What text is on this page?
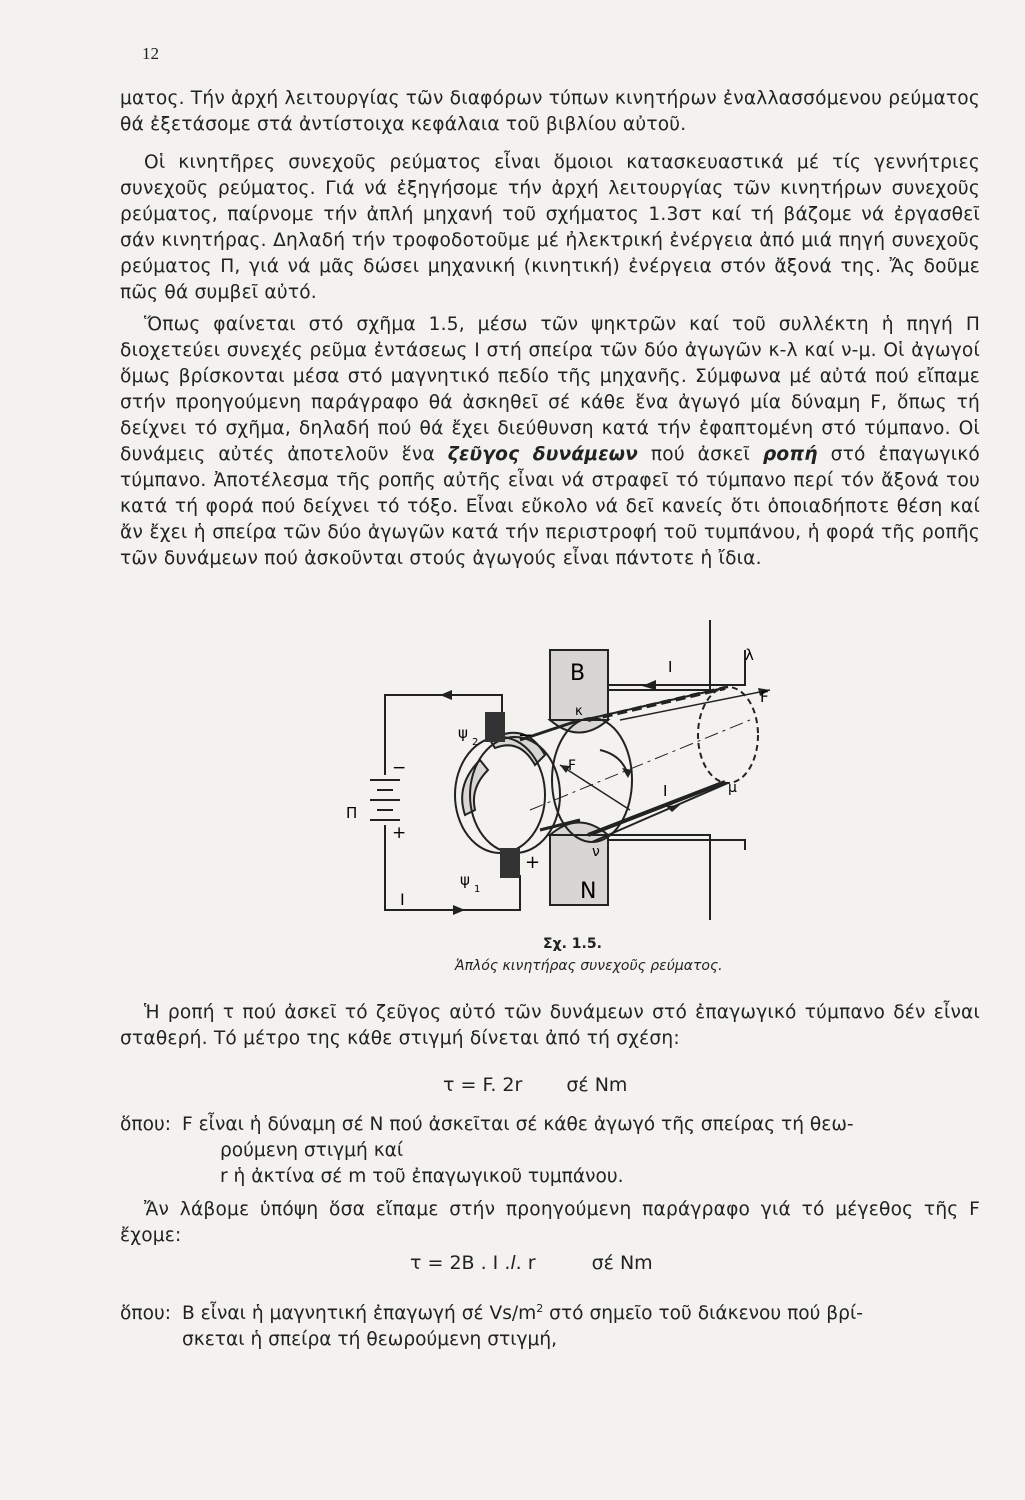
12

ματος. Τήν ἀρχή λειτουργίας τῶν διαφόρων τύπων κινητήρων ἐναλλασσόμενου ρεύματος θά ἐξετάσομε στά ἀντίστοιχα κεφάλαια τοῦ βιβλίου αὐτοῦ.

Οἱ κινητῆρες συνεχοῦς ρεύματος εἶναι ὅμοιοι κατασκευαστικά μέ τίς γεννήτριες συνεχοῦς ρεύματος. Γιά νά ἐξηγήσομε τήν ἀρχή λειτουργίας τῶν κινητήρων συνεχοῦς ρεύματος, παίρνομε τήν ἀπλή μηχανή τοῦ σχήματος 1.3στ καί τή βάζομε νά ἐργασθεῖ σάν κινητήρας. Δηλαδή τήν τροφοδοτοῦμε μέ ἠλεκτρική ἐνέργεια ἀπό μιά πηγή συνεχοῦς ρεύματος Π, γιά νά μᾶς δώσει μηχανική (κινητική) ἐνέργεια στόν ἄξονά της. Ἄς δοῦμε πῶς θά συμβεῖ αὐτό.

Ὅπως φαίνεται στό σχῆμα 1.5, μέσω τῶν ψηκτρῶν καί τοῦ συλλέκτη ἡ πηγή Π διοχετεύει συνεχές ρεῦμα ἐντάσεως Ι στή σπείρα τῶν δύο ἀγωγῶν κ-λ καί ν-μ. Οἱ ἀγωγοί ὅμως βρίσκονται μέσα στό μαγνητικό πεδίο τῆς μηχανῆς. Σύμφωνα μέ αὐτά πού εἴπαμε στήν προηγούμενη παράγραφο θά ἀσκηθεῖ σέ κάθε ἕνα ἀγωγό μία δύναμη F, ὅπως τή δείχνει τό σχῆμα, δηλαδή πού θά ἔχει διεύθυνση κατά τήν ἐφαπτομένη στό τύμπανο. Οἱ δυνάμεις αὐτές ἀποτελοῦν ἕνα ζεῦγος δυνάμεων πού ἀσκεῖ ροπή στό ἐπαγωγικό τύμπανο. Ἀποτέλεσμα τῆς ροπῆς αὐτῆς εἶναι νά στραφεῖ τό τύμπανο περί τόν ἄξονά του κατά τή φορά πού δείχνει τό τόξο. Εἶναι εὔκολο νά δεῖ κανείς ὅτι ὁποιαδήποτε θέση καί ἄν ἔχει ἡ σπείρα τῶν δύο ἀγωγῶν κατά τήν περιστροφή τοῦ τυμπάνου, ἡ φορά τῆς ροπῆς τῶν δυνάμεων πού ἀσκοῦνται στούς ἀγωγούς εἶναι πάντοτε ἡ ἴδια.

Π
+
−
I
B
N
I
λ
F
κ
F
I	μ
ν
ψ
2
ψ
1
−
+
Σχ. 1.5.
Ἁπλός κινητήρας συνεχοῦς ρεύματος.

Ἡ ροπή τ πού ἀσκεῖ τό ζεῦγος αὐτό τῶν δυνάμεων στό ἐπαγωγικό τύμπανο δέν εἶναι σταθερή. Τό μέτρο της κάθε στιγμή δίνεται ἀπό τή σχέση:

τ = F. 2r σέ Nm
ὅπου: F εἶναι ἡ δύναμη σέ N πού ἀσκεῖται σέ κάθε ἀγωγό τῆς σπείρας τή θεω-
ρούμενη στιγμή καί
r ἡ ἀκτίνα σέ m τοῦ ἐπαγωγικοῦ τυμπάνου.

Ἄν λάβομε ὑπόψη ὅσα εἴπαμε στήν προηγούμενη παράγραφο γιά τό μέγεθος τῆς F ἔχομε:

τ = 2B . I .l. r	σέ Nm
ὅπου: B εἶναι ἡ μαγνητική ἐπαγωγή σέ $Vs/m^2$ στό σημεῖο τοῦ διάκενου πού βρί-
σκεται ἡ σπείρα τή θεωρούμενη στιγμή,
